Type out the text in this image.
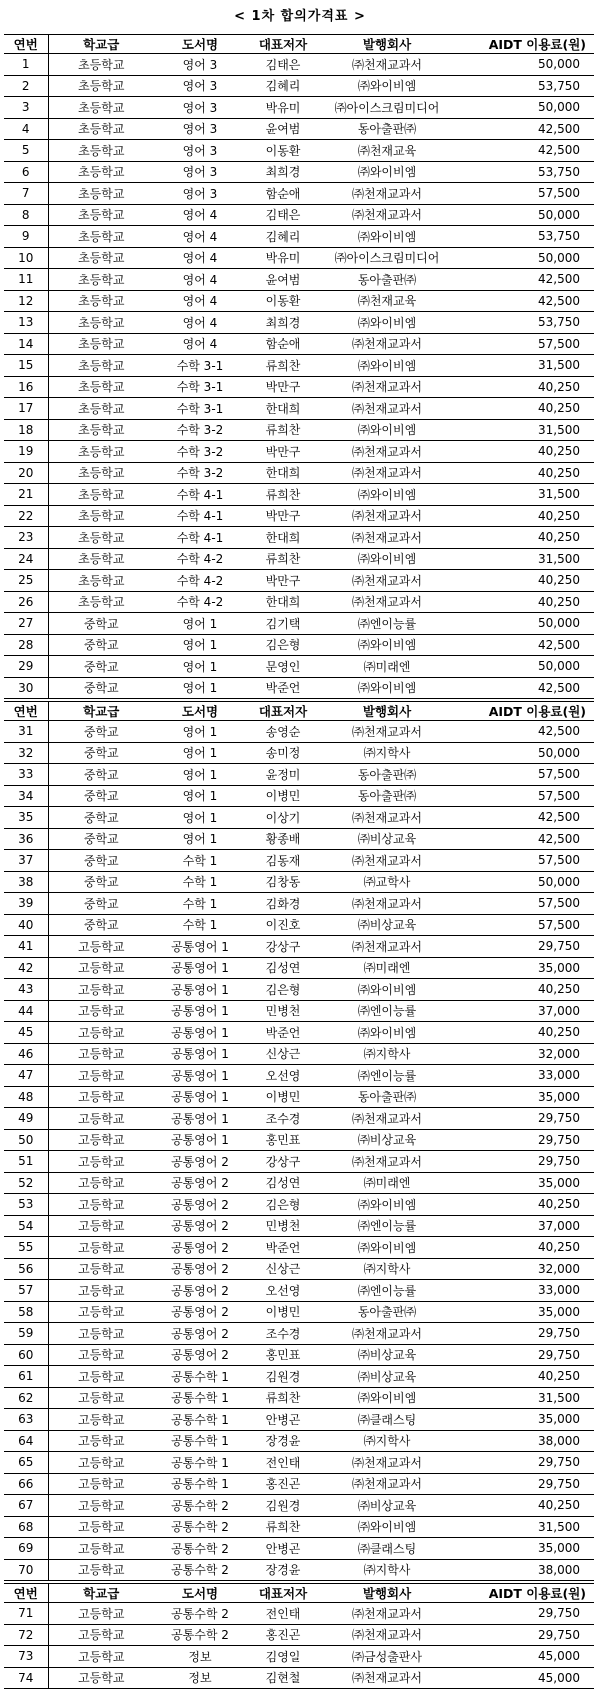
< 1차 합의가격표 >
연번	학교급	도서명	대표저자	발행회사	AIDT 이용료(원)
1	초등학교	영어 3	김태은	㈜천재교과서	50,000
2	초등학교	영어 3	김혜리	㈜와이비엠	53,750
3	초등학교	영어 3	박유미	㈜아이스크림미디어	50,000
4	초등학교	영어 3	윤여범	동아출판㈜	42,500
5	초등학교	영어 3	이동환	㈜천재교육	42,500
6	초등학교	영어 3	최희경	㈜와이비엠	53,750
7	초등학교	영어 3	함순애	㈜천재교과서	57,500
8	초등학교	영어 4	김태은	㈜천재교과서	50,000
9	초등학교	영어 4	김혜리	㈜와이비엠	53,750
10	초등학교	영어 4	박유미	㈜아이스크림미디어	50,000
11	초등학교	영어 4	윤여범	동아출판㈜	42,500
12	초등학교	영어 4	이동환	㈜천재교육	42,500
13	초등학교	영어 4	최희경	㈜와이비엠	53,750
14	초등학교	영어 4	함순애	㈜천재교과서	57,500
15	초등학교	수학 3-1	류희찬	㈜와이비엠	31,500
16	초등학교	수학 3-1	박만구	㈜천재교과서	40,250
17	초등학교	수학 3-1	한대희	㈜천재교과서	40,250
18	초등학교	수학 3-2	류희찬	㈜와이비엠	31,500
19	초등학교	수학 3-2	박만구	㈜천재교과서	40,250
20	초등학교	수학 3-2	한대희	㈜천재교과서	40,250
21	초등학교	수학 4-1	류희찬	㈜와이비엠	31,500
22	초등학교	수학 4-1	박만구	㈜천재교과서	40,250
23	초등학교	수학 4-1	한대희	㈜천재교과서	40,250
24	초등학교	수학 4-2	류희찬	㈜와이비엠	31,500
25	초등학교	수학 4-2	박만구	㈜천재교과서	40,250
26	초등학교	수학 4-2	한대희	㈜천재교과서	40,250
27	중학교	영어 1	김기택	㈜엔이능률	50,000
28	중학교	영어 1	김은형	㈜와이비엠	42,500
29	중학교	영어 1	문영인	㈜미래엔	50,000
30	중학교	영어 1	박준언	㈜와이비엠	42,500
연번	학교급	도서명	대표저자	발행회사	AIDT 이용료(원)
31	중학교	영어 1	송영순	㈜천재교과서	42,500
32	중학교	영어 1	송미정	㈜지학사	50,000
33	중학교	영어 1	윤정미	동아출판㈜	57,500
34	중학교	영어 1	이병민	동아출판㈜	57,500
35	중학교	영어 1	이상기	㈜천재교과서	42,500
36	중학교	영어 1	황종배	㈜비상교육	42,500
37	중학교	수학 1	김동재	㈜천재교과서	57,500
38	중학교	수학 1	김창동	㈜교학사	50,000
39	중학교	수학 1	김화경	㈜천재교과서	57,500
40	중학교	수학 1	이진호	㈜비상교육	57,500
41	고등학교	공통영어 1	강상구	㈜천재교과서	29,750
42	고등학교	공통영어 1	김성연	㈜미래엔	35,000
43	고등학교	공통영어 1	김은형	㈜와이비엠	40,250
44	고등학교	공통영어 1	민병천	㈜엔이능률	37,000
45	고등학교	공통영어 1	박준언	㈜와이비엠	40,250
46	고등학교	공통영어 1	신상근	㈜지학사	32,000
47	고등학교	공통영어 1	오선영	㈜엔이능률	33,000
48	고등학교	공통영어 1	이병민	동아출판㈜	35,000
49	고등학교	공통영어 1	조수경	㈜천재교과서	29,750
50	고등학교	공통영어 1	홍민표	㈜비상교육	29,750
51	고등학교	공통영어 2	강상구	㈜천재교과서	29,750
52	고등학교	공통영어 2	김성연	㈜미래엔	35,000
53	고등학교	공통영어 2	김은형	㈜와이비엠	40,250
54	고등학교	공통영어 2	민병천	㈜엔이능률	37,000
55	고등학교	공통영어 2	박준언	㈜와이비엠	40,250
56	고등학교	공통영어 2	신상근	㈜지학사	32,000
57	고등학교	공통영어 2	오선영	㈜엔이능률	33,000
58	고등학교	공통영어 2	이병민	동아출판㈜	35,000
59	고등학교	공통영어 2	조수경	㈜천재교과서	29,750
60	고등학교	공통영어 2	홍민표	㈜비상교육	29,750
61	고등학교	공통수학 1	김원경	㈜비상교육	40,250
62	고등학교	공통수학 1	류희찬	㈜와이비엠	31,500
63	고등학교	공통수학 1	안병곤	㈜클래스팅	35,000
64	고등학교	공통수학 1	장경윤	㈜지학사	38,000
65	고등학교	공통수학 1	전인태	㈜천재교과서	29,750
66	고등학교	공통수학 1	홍진곤	㈜천재교과서	29,750
67	고등학교	공통수학 2	김원경	㈜비상교육	40,250
68	고등학교	공통수학 2	류희찬	㈜와이비엠	31,500
69	고등학교	공통수학 2	안병곤	㈜클래스팅	35,000
70	고등학교	공통수학 2	장경윤	㈜지학사	38,000
연번	학교급	도서명	대표저자	발행회사	AIDT 이용료(원)
71	고등학교	공통수학 2	전인태	㈜천재교과서	29,750
72	고등학교	공통수학 2	홍진곤	㈜천재교과서	29,750
73	고등학교	정보	김영일	㈜금성출판사	45,000
74	고등학교	정보	김현철	㈜천재교과서	45,000
